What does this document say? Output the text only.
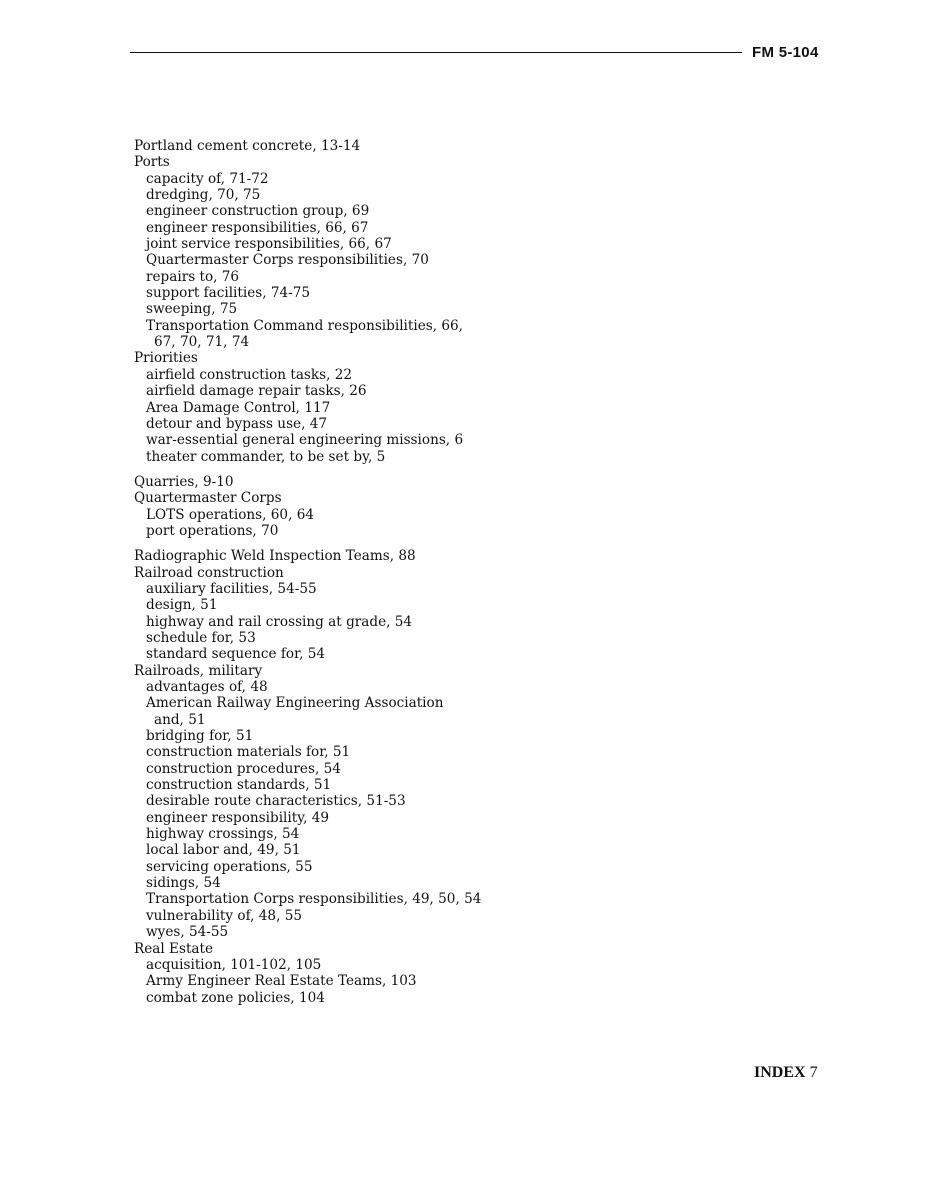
FM 5-104
Portland cement concrete, 13-14
Ports
capacity of, 71-72
dredging, 70, 75
engineer construction group, 69
engineer responsibilities, 66, 67
joint service responsibilities, 66, 67
Quartermaster Corps responsibilities, 70
repairs to, 76
support facilities, 74-75
sweeping, 75
Transportation Command responsibilities, 66,
67, 70, 71, 74
Priorities
airfield construction tasks, 22
airfield damage repair tasks, 26
Area Damage Control, 117
detour and bypass use, 47
war-essential general engineering missions, 6
theater commander, to be set by, 5
Quarries, 9-10
Quartermaster Corps
LOTS operations, 60, 64
port operations, 70
Radiographic Weld Inspection Teams, 88
Railroad construction
auxiliary facilities, 54-55
design, 51
highway and rail crossing at grade, 54
schedule for, 53
standard sequence for, 54
Railroads, military
advantages of, 48
American Railway Engineering Association
and, 51
bridging for, 51
construction materials for, 51
construction procedures, 54
construction standards, 51
desirable route characteristics, 51-53
engineer responsibility, 49
highway crossings, 54
local labor and, 49, 51
servicing operations, 55
sidings, 54
Transportation Corps responsibilities, 49, 50, 54
vulnerability of, 48, 55
wyes, 54-55
Real Estate
acquisition, 101-102, 105
Army Engineer Real Estate Teams, 103
combat zone policies, 104
INDEX 7
